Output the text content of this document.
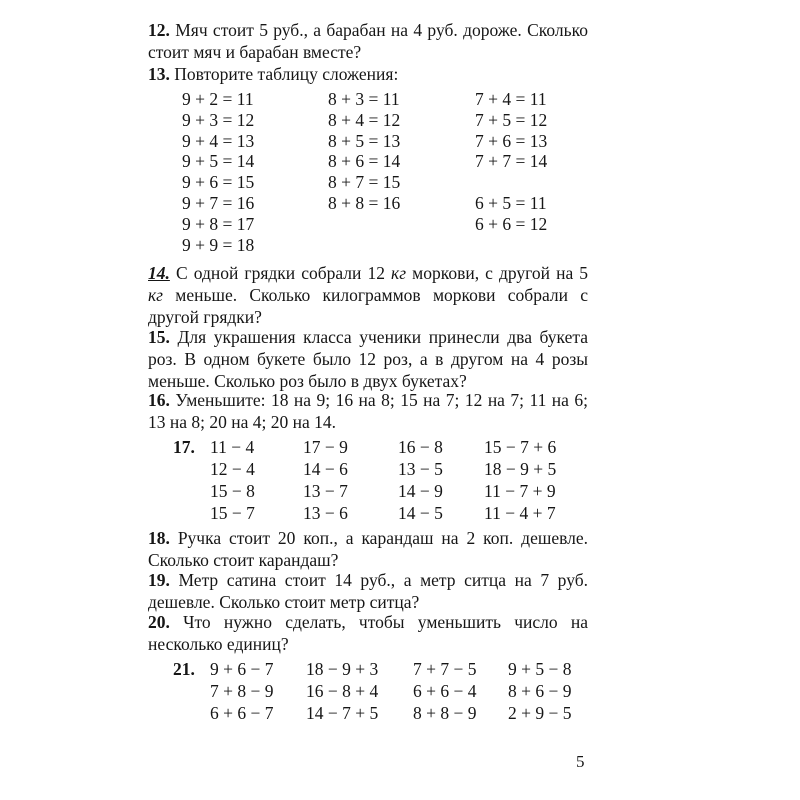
12. Мяч стоит 5 руб., а барабан на 4 руб. дороже. Сколько стоит мяч и барабан вместе?
13. Повторите таблицу сложения:
9 + 2 = 11
9 + 3 = 12
9 + 4 = 13
9 + 5 = 14
9 + 6 = 15
9 + 7 = 16
9 + 8 = 17
9 + 9 = 18
8 + 3 = 11
8 + 4 = 12
8 + 5 = 13
8 + 6 = 14
8 + 7 = 15
8 + 8 = 16
7 + 4 = 11
7 + 5 = 12
7 + 6 = 13
7 + 7 = 14
6 + 5 = 11
6 + 6 = 12
14. С одной грядки собрали 12 кг моркови, с другой на 5 кг меньше. Сколько килограммов моркови собрали с другой грядки?
15. Для украшения класса ученики принесли два букета роз. В одном букете было 12 роз, а в другом на 4 розы меньше. Сколько роз было в двух букетах?
16. Уменьшите: 18 на 9; 16 на 8; 15 на 7; 12 на 7; 11 на 6; 13 на 8; 20 на 4; 20 на 14.
17. 11 − 4
12 − 4
15 − 8
15 − 7
17 − 9
14 − 6
13 − 7
13 − 6
16 − 8
13 − 5
14 − 9
14 − 5
15 − 7 + 6
18 − 9 + 5
11 − 7 + 9
11 − 4 + 7
18. Ручка стоит 20 коп., а карандаш на 2 коп. дешевле. Сколько стоит карандаш?
19. Метр сатина стоит 14 руб., а метр ситца на 7 руб. дешевле. Сколько стоит метр ситца?
20. Что нужно сделать, чтобы уменьшить число на несколько единиц?
21. 9 + 6 − 7
7 + 8 − 9
6 + 6 − 7
18 − 9 + 3
16 − 8 + 4
14 − 7 + 5
7 + 7 − 5
6 + 6 − 4
8 + 8 − 9
9 + 5 − 8
8 + 6 − 9
2 + 9 − 5
5
